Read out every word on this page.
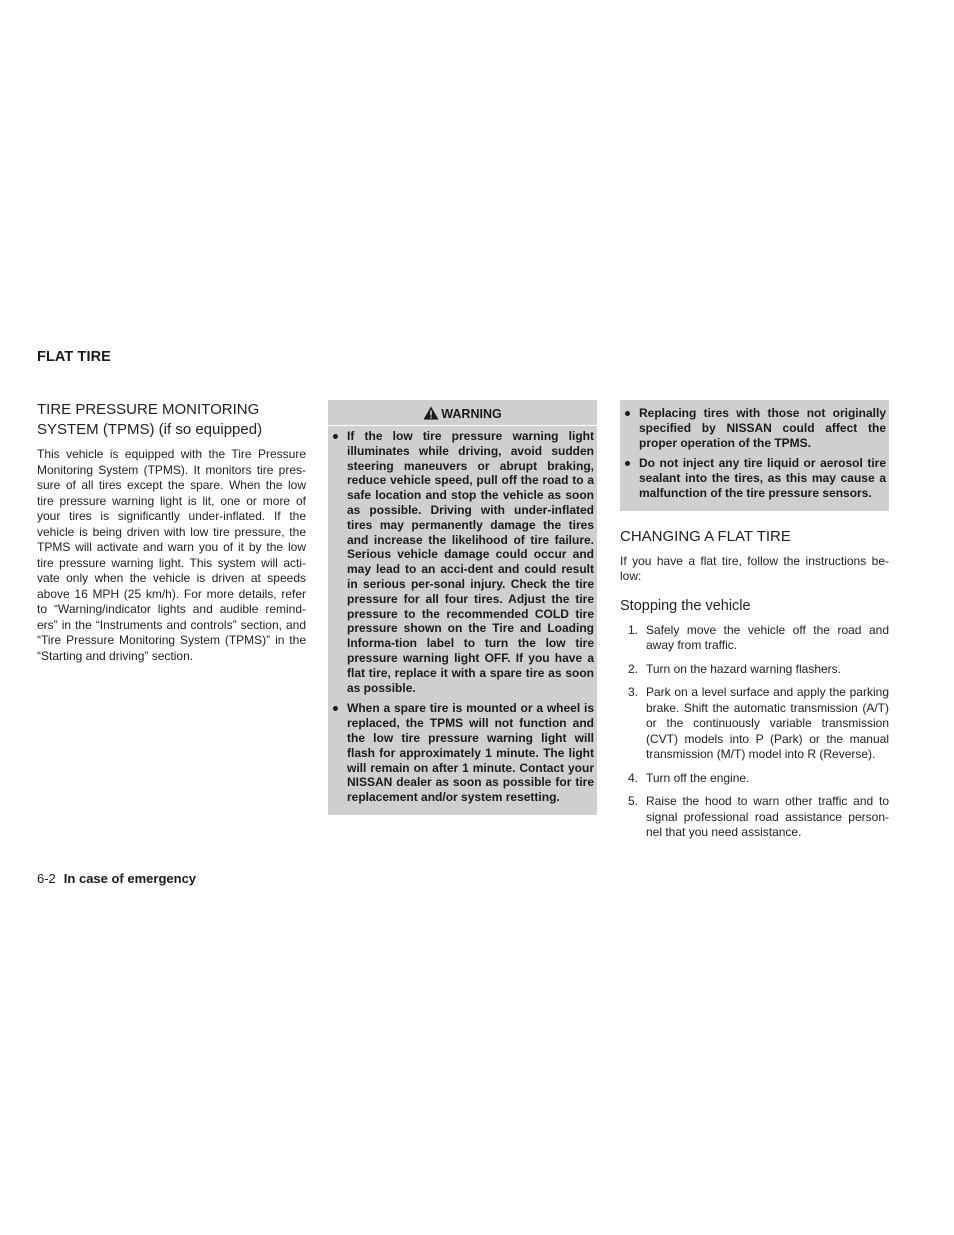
FLAT TIRE
TIRE PRESSURE MONITORING SYSTEM (TPMS) (if so equipped)

This vehicle is equipped with the Tire Pressure Monitoring System (TPMS). It monitors tire pres-sure of all tires except the spare. When the low tire pressure warning light is lit, one or more of your tires is significantly under-inflated. If the vehicle is being driven with low tire pressure, the TPMS will activate and warn you of it by the low tire pressure warning light. This system will acti-vate only when the vehicle is driven at speeds above 16 MPH (25 km/h). For more details, refer to “Warning/indicator lights and audible remind-ers” in the “Instruments and controls” section, and “Tire Pressure Monitoring System (TPMS)” in the “Starting and driving” section.

WARNING
If the low tire pressure warning light illuminates while driving, avoid sudden steering maneuvers or abrupt braking, reduce vehicle speed, pull off the road to a safe location and stop the vehicle as soon as possible. Driving with under-inflated tires may permanently damage the tires and increase the likelihood of tire failure. Serious vehicle damage could occur and may lead to an acci-dent and could result in serious per-sonal injury. Check the tire pressure for all four tires. Adjust the tire pressure to the recommended COLD tire pressure shown on the Tire and Loading Informa-tion label to turn the low tire pressure warning light OFF. If you have a flat tire, replace it with a spare tire as soon as possible.
When a spare tire is mounted or a wheel is replaced, the TPMS will not function and the low tire pressure warning light will flash for approximately 1 minute. The light will remain on after 1 minute. Contact your NISSAN dealer as soon as possible for tire replacement and/or system resetting.
Replacing tires with those not originally specified by NISSAN could affect the proper operation of the TPMS.
Do not inject any tire liquid or aerosol tire sealant into the tires, as this may cause a malfunction of the tire pressure sensors.
CHANGING A FLAT TIRE

If you have a flat tire, follow the instructions be-low:

Stopping the vehicle
1. Safely move the vehicle off the road and away from traffic.
2. Turn on the hazard warning flashers.
3. Park on a level surface and apply the parking brake. Shift the automatic transmission (A/T) or the continuously variable transmission (CVT) models into P (Park) or the manual transmission (M/T) model into R (Reverse).
4. Turn off the engine.
5. Raise the hood to warn other traffic and to signal professional road assistance person-nel that you need assistance.
6-2 In case of emergency
